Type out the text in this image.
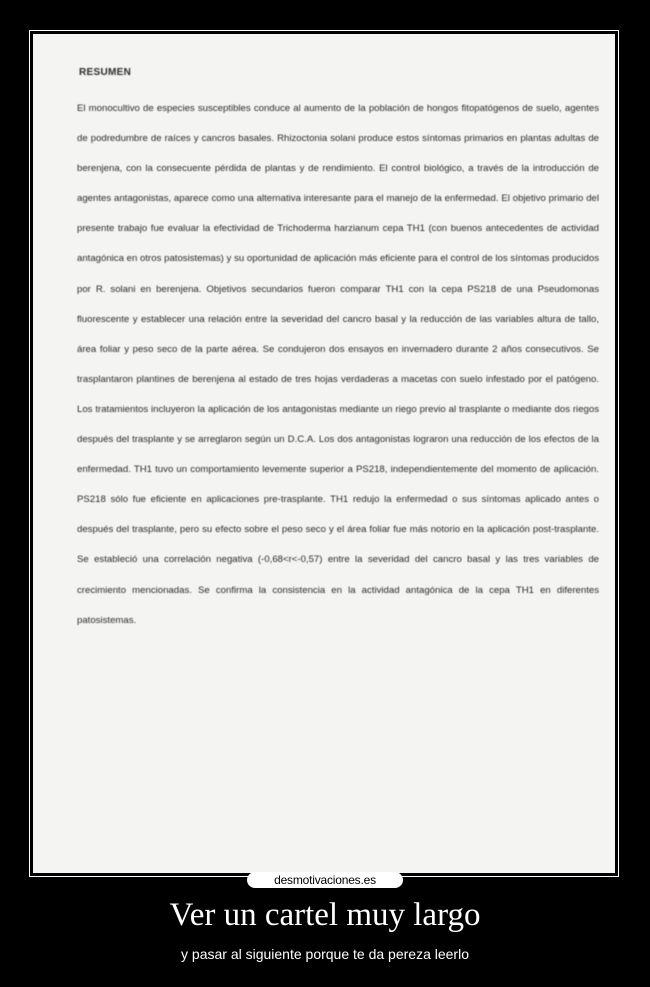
RESUMEN

El monocultivo de especies susceptibles conduce al aumento de la población de hongos fitopatógenos de suelo, agentes de podredumbre de raíces y cancros basales. Rhizoctonia solani produce estos síntomas primarios en plantas adultas de berenjena, con la consecuente pérdida de plantas y de rendimiento. El control biológico, a través de la introducción de agentes antagonistas, aparece como una alternativa interesante para el manejo de la enfermedad. El objetivo primario del presente trabajo fue evaluar la efectividad de Trichoderma harzianum cepa TH1 (con buenos antecedentes de actividad antagónica en otros patosistemas) y su oportunidad de aplicación más eficiente para el control de los síntomas producidos por R. solani en berenjena. Objetivos secundarios fueron comparar TH1 con la cepa PS218 de una Pseudomonas fluorescente y establecer una relación entre la severidad del cancro basal y la reducción de las variables altura de tallo, área foliar y peso seco de la parte aérea. Se condujeron dos ensayos en invernadero durante 2 años consecutivos. Se trasplantaron plantines de berenjena al estado de tres hojas verdaderas a macetas con suelo infestado por el patógeno. Los tratamientos incluyeron la aplicación de los antagonistas mediante un riego previo al trasplante o mediante dos riegos después del trasplante y se arreglaron según un D.C.A. Los dos antagonistas lograron una reducción de los efectos de la enfermedad. TH1 tuvo un comportamiento levemente superior a PS218, independientemente del momento de aplicación. PS218 sólo fue eficiente en aplicaciones pre-trasplante. TH1 redujo la enfermedad o sus síntomas aplicado antes o después del trasplante, pero su efecto sobre el peso seco y el área foliar fue más notorio en la aplicación post-trasplante. Se estableció una correlación negativa (-0,68<r<-0,57) entre la severidad del cancro basal y las tres variables de crecimiento mencionadas. Se confirma la consistencia en la actividad antagónica de la cepa TH1 en diferentes patosistemas.

desmotivaciones.es
Ver un cartel muy largo
y pasar al siguiente porque te da pereza leerlo
